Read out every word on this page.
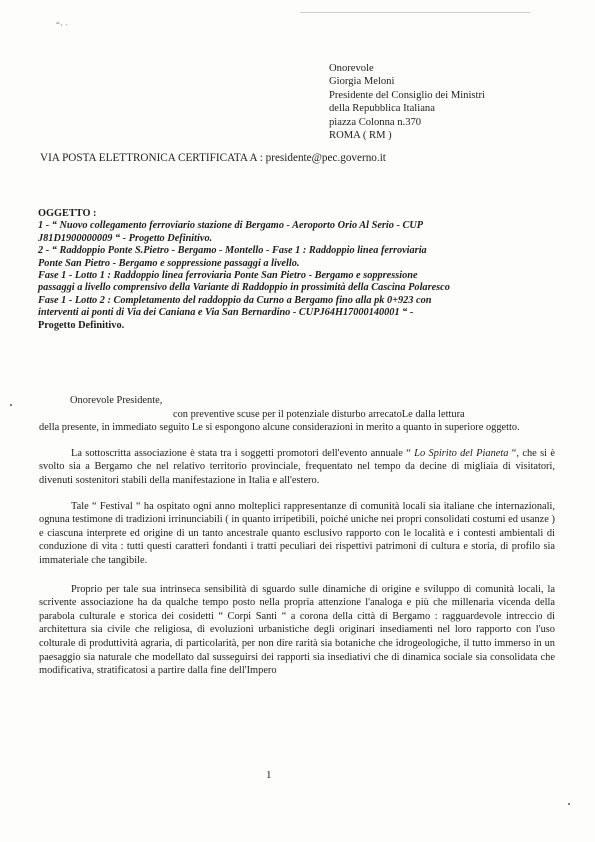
“· ·
Onorevole
Giorgia Meloni
Presidente del Consiglio dei Ministri
della Repubblica Italiana
piazza Colonna n.370
ROMA ( RM )
VIA POSTA ELETTRONICA CERTIFICATA A : presidente@pec.governo.it
OGGETTO :
1 - “ Nuovo collegamento ferroviario stazione di Bergamo - Aeroporto Orio Al Serio - CUP
J81D1900000009 “ - Progetto Definitivo.
2 - “ Raddoppio Ponte S.Pietro - Bergamo - Montello - Fase 1 : Raddoppio linea ferroviaria
Ponte San Pietro - Bergamo e soppressione passaggi a livello.
Fase 1 - Lotto 1 : Raddoppio linea ferroviaria Ponte San Pietro - Bergamo e soppressione
passaggi a livello comprensivo della Variante di Raddoppio in prossimità della Cascina Polaresco
Fase 1 - Lotto 2 : Completamento del raddoppio da Curno a Bergamo fino alla pk 0+923 con
interventi ai ponti di Via dei Caniana e Via San Bernardino - CUPJ64H17000140001 “ -
Progetto Definitivo.
Onorevole Presidente,

con preventive scuse per il potenziale disturbo arrecatoLe dalla lettura
della presente, in immediato seguito Le si espongono alcune considerazioni in merito a quanto in superiore oggetto.

La sottoscritta associazione è stata tra i soggetti promotori dell'evento annuale “ Lo Spirito del Pianeta “, che si è svolto sia a Bergamo che nel relativo territorio provinciale, frequentato nel tempo da decine di migliaia di visitatori, divenuti sostenitori stabili della manifestazione in Italia e all'estero.

Tale “ Festival “ ha ospitato ogni anno molteplici rappresentanze di comunità locali sia italiane che internazionali, ognuna testimone di tradizioni irrinunciabili ( in quanto irripetibili, poiché uniche nei propri consolidati costumi ed usanze ) e ciascuna interprete ed origine di un tanto ancestrale quanto esclusivo rapporto con le località e i contesti ambientali di conduzione di vita : tutti questi caratteri fondanti i tratti peculiari dei rispettivi patrimoni di cultura e storia, di profilo sia immateriale che tangibile.

Proprio per tale sua intrinseca sensibilità di sguardo sulle dinamiche di origine e sviluppo di comunità locali, la scrivente associazione ha da qualche tempo posto nella propria attenzione l'analoga e più che millenaria vicenda della parabola culturale e storica dei cosidetti “ Corpi Santi “ a corona della città di Bergamo : ragguardevole intreccio di architettura sia civile che religiosa, di evoluzioni urbanistiche degli originari insediamenti nel loro rapporto con l'uso colturale di produttività agraria, di particolarità, per non dire rarità sia botaniche che idrogeologiche, il tutto immerso in un paesaggio sia naturale che modellato dal susseguirsi dei rapporti sia insediativi che di dinamica sociale sia consolidata che modificativa, stratificatosi a partire dalla fine dell'Impero

1
